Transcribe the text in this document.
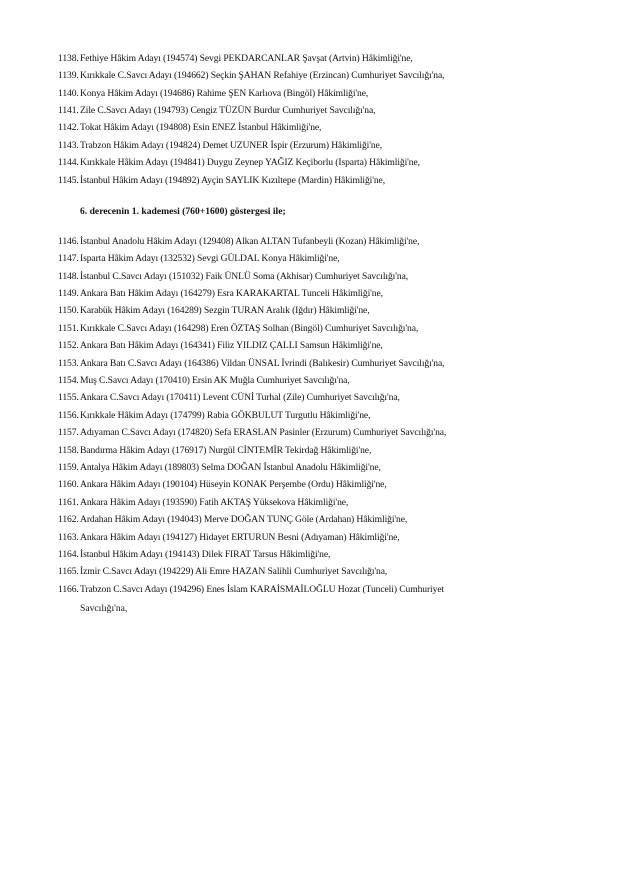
1138.Fethiye Hâkim Adayı (194574) Sevgi PEKDARCANLAR Şavşat (Artvin) Hâkimliği'ne,
1139.Kırıkkale C.Savcı Adayı (194662) Seçkin ŞAHAN Refahiye (Erzincan) Cumhuriyet Savcılığı'na,
1140.Konya Hâkim Adayı (194686) Rahime ŞEN Karlıova (Bingöl) Hâkimliği'ne,
1141.Zile C.Savcı Adayı (194793) Cengiz TÜZÜN Burdur Cumhuriyet Savcılığı'na,
1142.Tokat Hâkim Adayı (194808) Esin ENEZ İstanbul Hâkimliği'ne,
1143.Trabzon Hâkim Adayı (194824) Demet UZUNER İspir (Erzurum) Hâkimliği'ne,
1144.Kırıkkale Hâkim Adayı (194841) Duygu Zeynep YAĞIZ Keçiborlu (Isparta) Hâkimliği'ne,
1145.İstanbul Hâkim Adayı (194892) Ayçin SAYLIK Kızıltepe (Mardin) Hâkimliği'ne,
6. derecenin 1. kademesi (760+1600) göstergesi ile;
1146.İstanbul Anadolu Hâkim Adayı (129408) Alkan ALTAN Tufanbeyli (Kozan) Hâkimliği'ne,
1147.Isparta Hâkim Adayı (132532) Sevgi GÜLDAL Konya Hâkimliği'ne,
1148.İstanbul C.Savcı Adayı (151032) Faik ÜNLÜ Soma (Akhisar) Cumhuriyet Savcılığı'na,
1149.Ankara Batı Hâkim Adayı (164279) Esra KARAKARTAL Tunceli Hâkimliği'ne,
1150.Karabük Hâkim Adayı (164289) Sezgin TURAN Aralık (Iğdır) Hâkimliği'ne,
1151.Kırıkkale C.Savcı Adayı (164298) Eren ÖZTAŞ Solhan (Bingöl) Cumhuriyet Savcılığı'na,
1152.Ankara Batı Hâkim Adayı (164341) Filiz YILDIZ ÇALLI Samsun Hâkimliği'ne,
1153.Ankara Batı C.Savcı Adayı (164386) Vildan ÜNSAL İvrindi (Balıkesir) Cumhuriyet Savcılığı'na,
1154.Muş C.Savcı Adayı (170410) Ersin AK Muğla Cumhuriyet Savcılığı'na,
1155.Ankara C.Savcı Adayı (170411) Levent CÜNİ Turhal (Zile) Cumhuriyet Savcılığı'na,
1156.Kırıkkale Hâkim Adayı (174799) Rabia GÖKBULUT Turgutlu Hâkimliği'ne,
1157.Adıyaman C.Savcı Adayı (174820) Sefa ERASLAN Pasinler (Erzurum) Cumhuriyet Savcılığı'na,
1158.Bandırma Hâkim Adayı (176917) Nurgül CİNTEMİR Tekirdağ Hâkimliği'ne,
1159.Antalya Hâkim Adayı (189803) Selma DOĞAN İstanbul Anadolu Hâkimliği'ne,
1160.Ankara Hâkim Adayı (190104) Hüseyin KONAK Perşembe (Ordu) Hâkimliği'ne,
1161.Ankara Hâkim Adayı (193590) Fatih AKTAŞ Yüksekova Hâkimliği'ne,
1162.Ardahan Hâkim Adayı (194043) Merve DOĞAN TUNÇ Göle (Ardahan) Hâkimliği'ne,
1163.Ankara Hâkim Adayı (194127) Hidayet ERTURUN Besni (Adıyaman) Hâkimliği'ne,
1164.İstanbul Hâkim Adayı (194143) Dilek FIRAT Tarsus Hâkimliği'ne,
1165.İzmir C.Savcı Adayı (194229) Ali Emre HAZAN Salihli Cumhuriyet Savcılığı'na,
1166.Trabzon C.Savcı Adayı (194296) Enes İslam KARAİSMAİLOĞLU Hozat (Tunceli) Cumhuriyet
Savcılığı'na,
